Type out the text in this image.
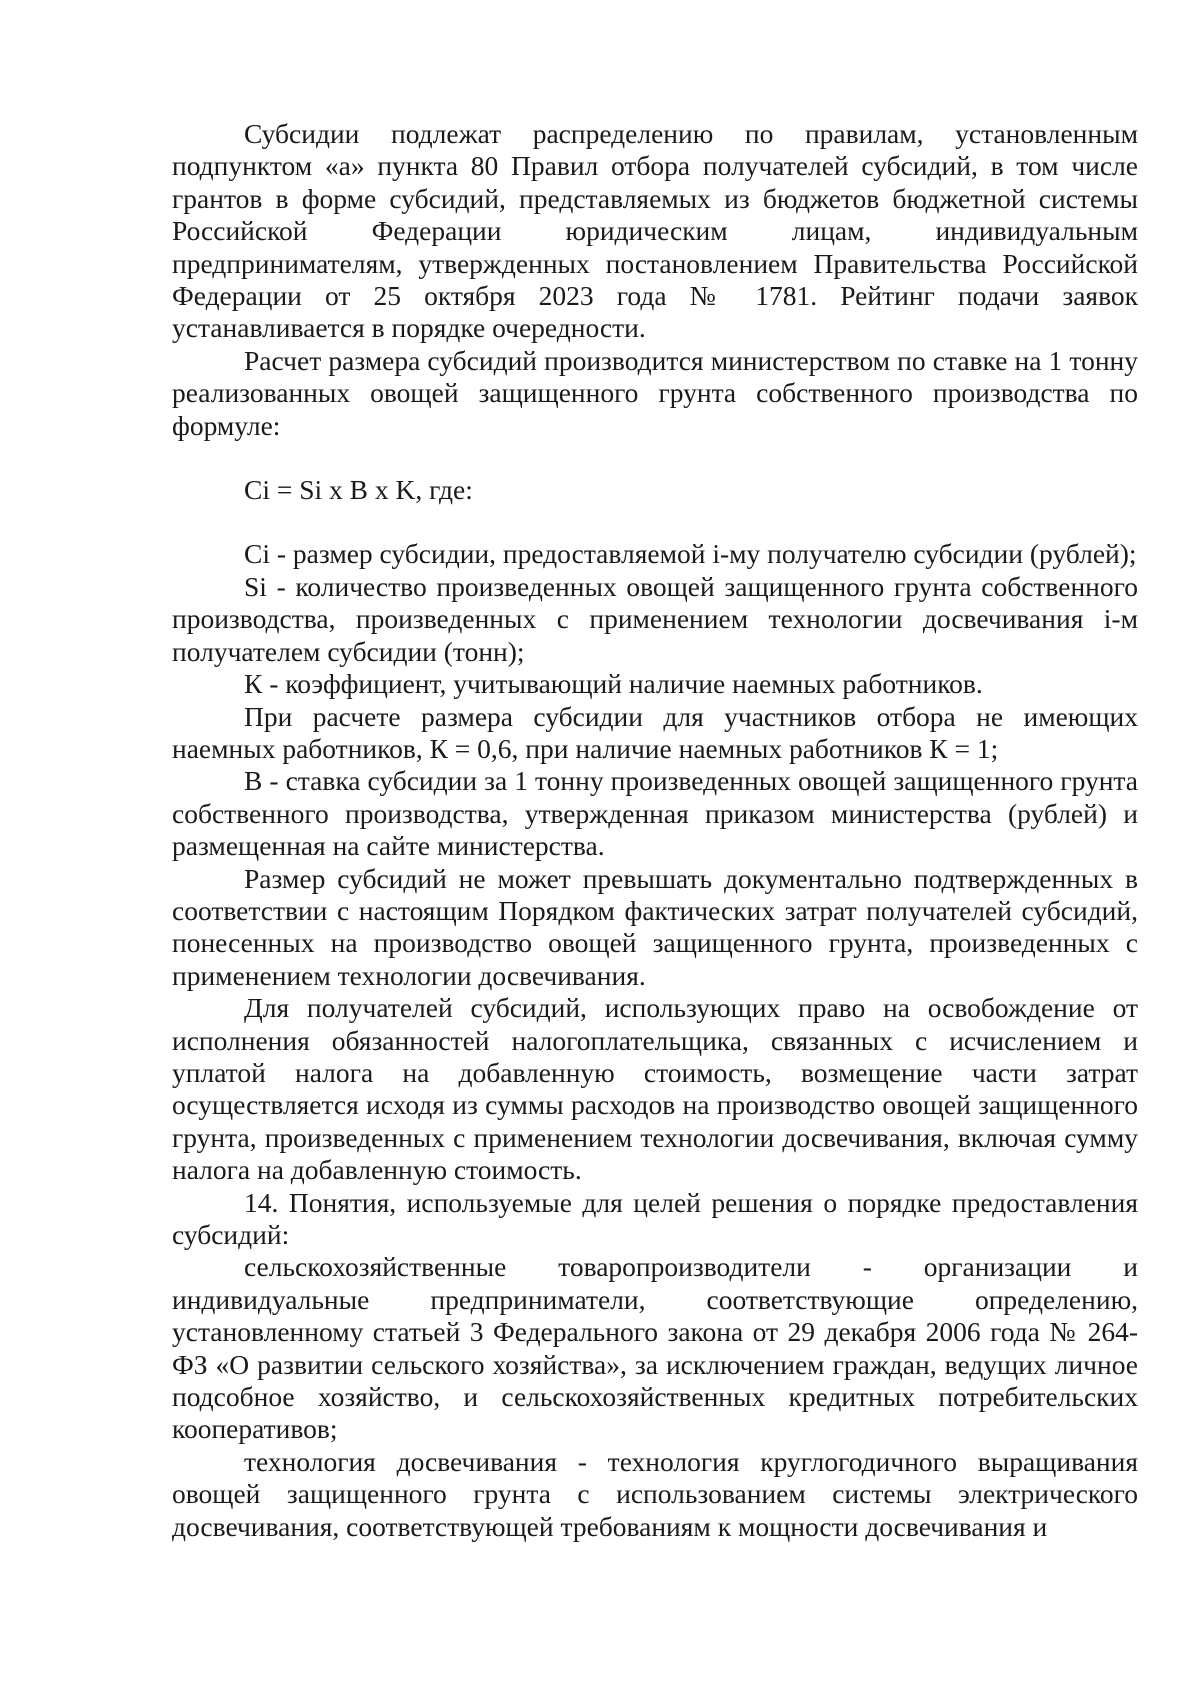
Субсидии подлежат распределению по правилам, установленным подпунктом «а» пункта 80 Правил отбора получателей субсидий, в том числе грантов в форме субсидий, представляемых из бюджетов бюджетной системы Российской Федерации юридическим лицам, индивидуальным предпринимателям, утвержденных постановлением Правительства Российской Федерации от 25 октября 2023 года № 1781. Рейтинг подачи заявок устанавливается в порядке очередности.

Расчет размера субсидий производится министерством по ставке на 1 тонну реализованных овощей защищенного грунта собственного производства по формуле:

Ci = Si x B x K, где:

Ci - размер субсидии, предоставляемой i-му получателю субсидии (рублей);

Si - количество произведенных овощей защищенного грунта собственного производства, произведенных с применением технологии досвечивания i-м получателем субсидии (тонн);

К - коэффициент, учитывающий наличие наемных работников.

При расчете размера субсидии для участников отбора не имеющих наемных работников, К = 0,6, при наличие наемных работников К = 1;

В - ставка субсидии за 1 тонну произведенных овощей защищенного грунта собственного производства, утвержденная приказом министерства (рублей) и размещенная на сайте министерства.

Размер субсидий не может превышать документально подтвержденных в соответствии с настоящим Порядком фактических затрат получателей субсидий, понесенных на производство овощей защищенного грунта, произведенных с применением технологии досвечивания.

Для получателей субсидий, использующих право на освобождение от исполнения обязанностей налогоплательщика, связанных с исчислением и уплатой налога на добавленную стоимость, возмещение части затрат осуществляется исходя из суммы расходов на производство овощей защищенного грунта, произведенных с применением технологии досвечивания, включая сумму налога на добавленную стоимость.

14. Понятия, используемые для целей решения о порядке предоставления субсидий:

сельскохозяйственные товаропроизводители - организации и индивидуальные предприниматели, соответствующие определению, установленному статьей 3 Федерального закона от 29 декабря 2006 года № 264-ФЗ «О развитии сельского хозяйства», за исключением граждан, ведущих личное подсобное хозяйство, и сельскохозяйственных кредитных потребительских кооперативов;

технология досвечивания - технология круглогодичного выращивания овощей защищенного грунта с использованием системы электрического досвечивания, соответствующей требованиям к мощности досвечивания и
